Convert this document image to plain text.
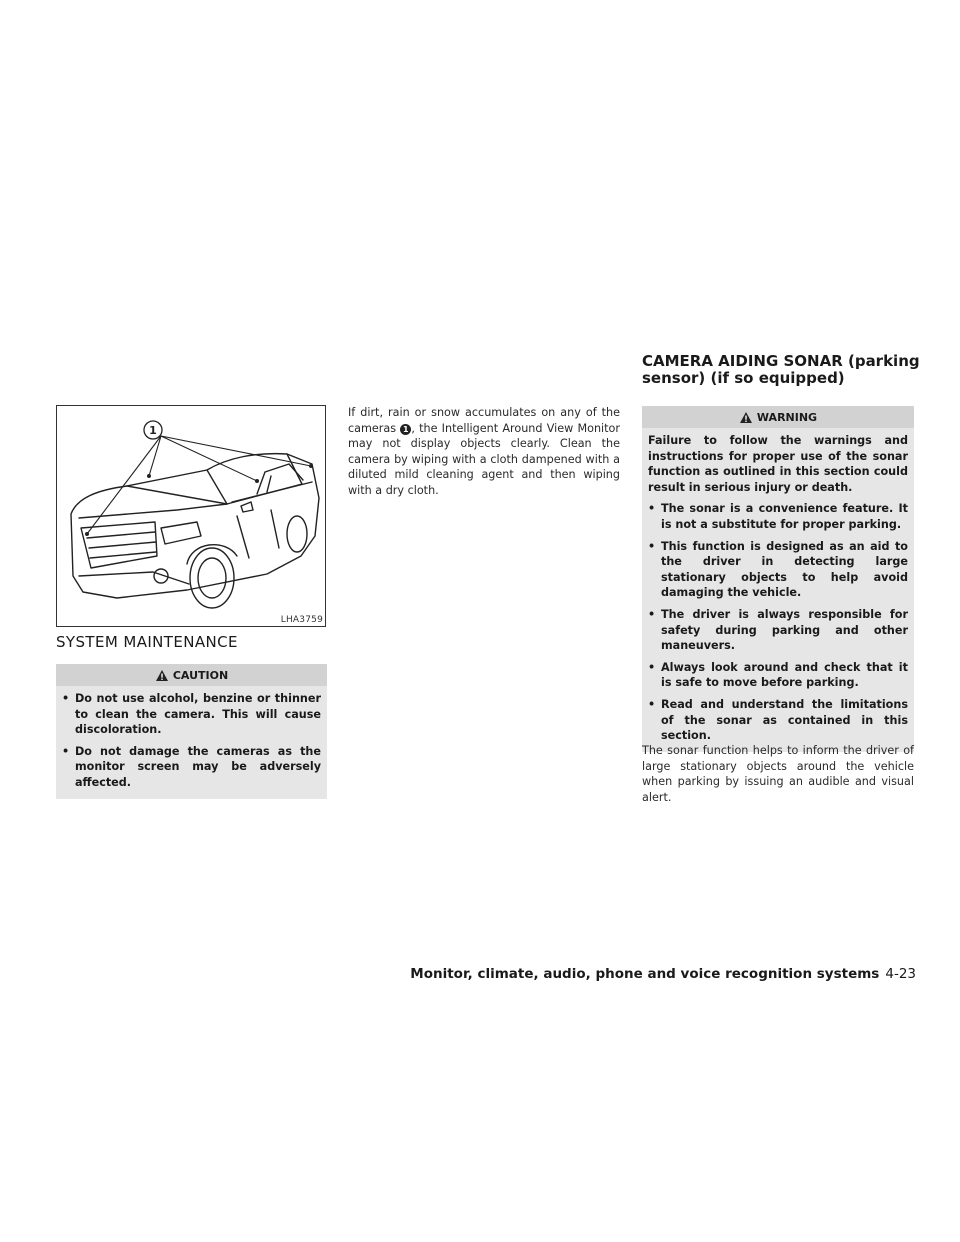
1
LHA3759
SYSTEM MAINTENANCE
CAUTION
• Do not use alcohol, benzine or thinner to clean the camera. This will cause discoloration.
• Do not damage the cameras as the monitor screen may be adversely affected.
If dirt, rain or snow accumulates on any of the cameras 1 , the Intelligent Around View Monitor may not display objects clearly. Clean the camera by wiping with a cloth dampened with a diluted mild cleaning agent and then wiping with a dry cloth.
CAMERA AIDING SONAR (parking sensor) (if so equipped)
WARNING

Failure to follow the warnings and instructions for proper use of the sonar function as outlined in this section could result in serious injury or death.

• The sonar is a convenience feature. It is not a substitute for proper parking.
• This function is designed as an aid to the driver in detecting large stationary objects to help avoid damaging the vehicle.
• The driver is always responsible for safety during parking and other maneuvers.
• Always look around and check that it is safe to move before parking.
• Read and understand the limitations of the sonar as contained in this section.
The sonar function helps to inform the driver of large stationary objects around the vehicle when parking by issuing an audible and visual alert.
Monitor, climate, audio, phone and voice recognition systems 4-23
